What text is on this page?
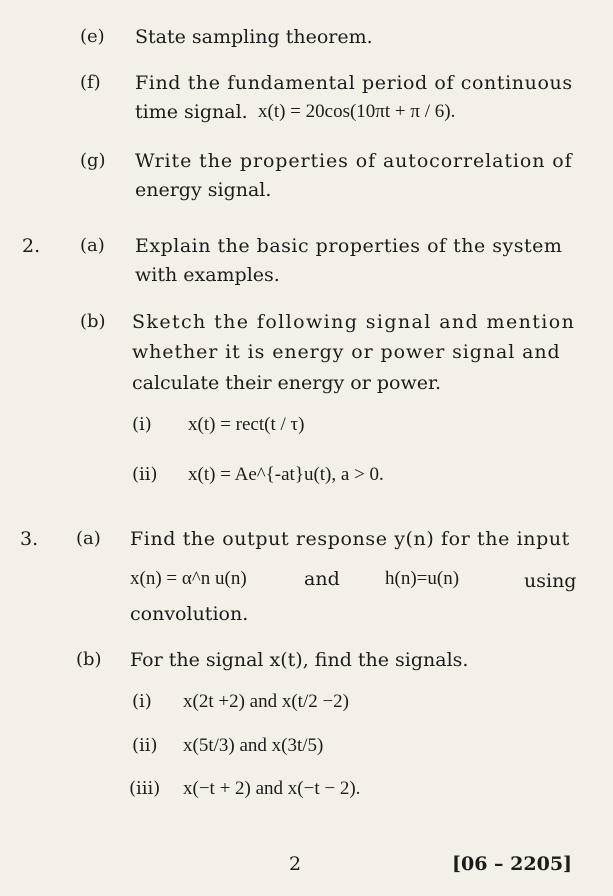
(e) State sampling theorem.
(f) Find the fundamental period of continuous
time signal. x(t) = 20cos(10πt + π / 6).
(g) Write the properties of autocorrelation of
energy signal.
2. (a) Explain the basic properties of the system
with examples.
(b) Sketch the following signal and mention
whether it is energy or power signal and
calculate their energy or power.
(i) x(t) = rect(t / τ)
(ii) x(t) = Ae^{-at}u(t), a > 0.
3. (a) Find the output response y(n) for the input
x(n) = α^n u(n)	and h(n)=u(n)	using
convolution.
(b) For the signal x(t), find the signals.
(i) x(2t +2) and x(t/2 −2)
(ii) x(5t/3) and x(3t/5)
(iii) x(−t + 2) and x(−t − 2).
2	[06 – 2205]
